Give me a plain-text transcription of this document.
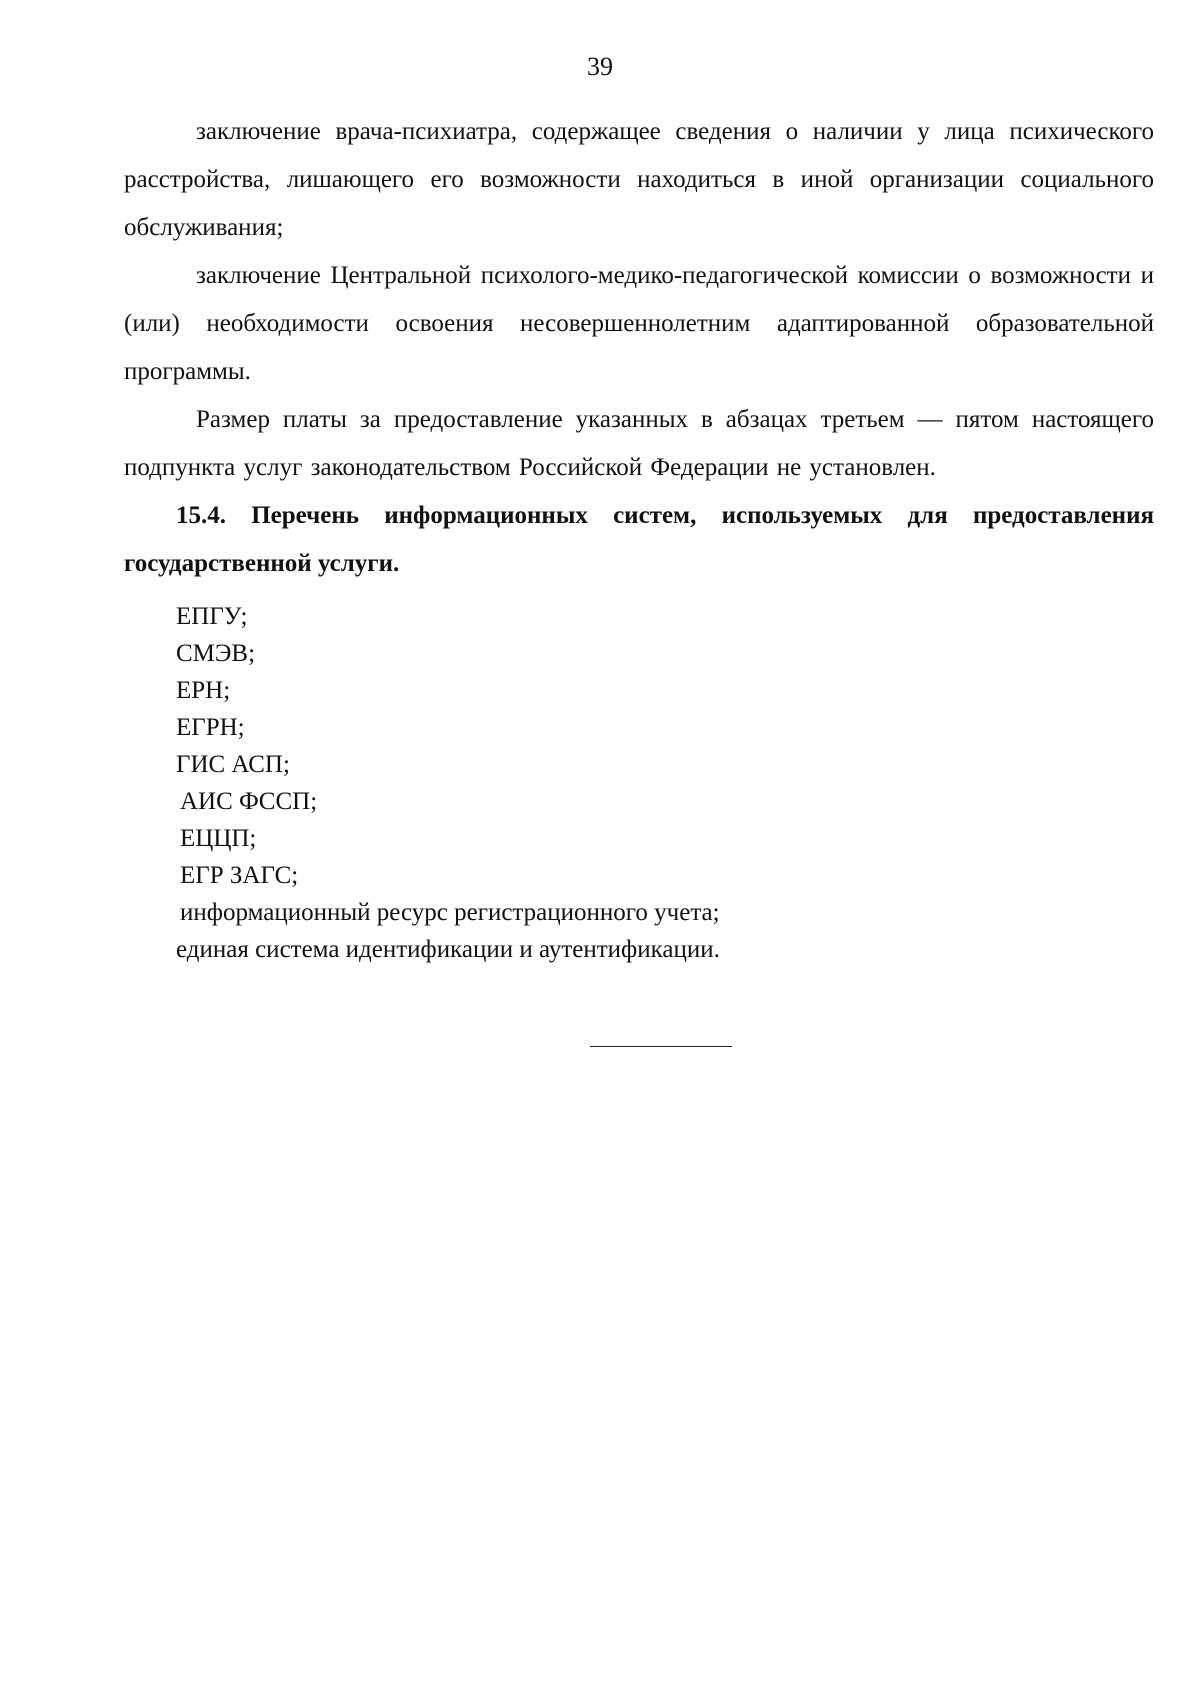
39

заключение врача-психиатра, содержащее сведения о наличии у лица психического расстройства, лишающего его возможности находиться в иной организации социального обслуживания;

заключение Центральной психолого-медико-педагогической комиссии о возможности и (или) необходимости освоения несовершеннолетним адаптированной образовательной программы.

Размер платы за предоставление указанных в абзацах третьем — пятом настоящего подпункта услуг законодательством Российской Федерации не установлен.

15.4. Перечень информационных систем, используемых для предоставления государственной услуги.

ЕПГУ;
СМЭВ;
ЕРН;
ЕГРН;
ГИС АСП;
АИС ФССП;
ЕЦЦП;
ЕГР ЗАГС;
информационный ресурс регистрационного учета;
единая система идентификации и аутентификации.
